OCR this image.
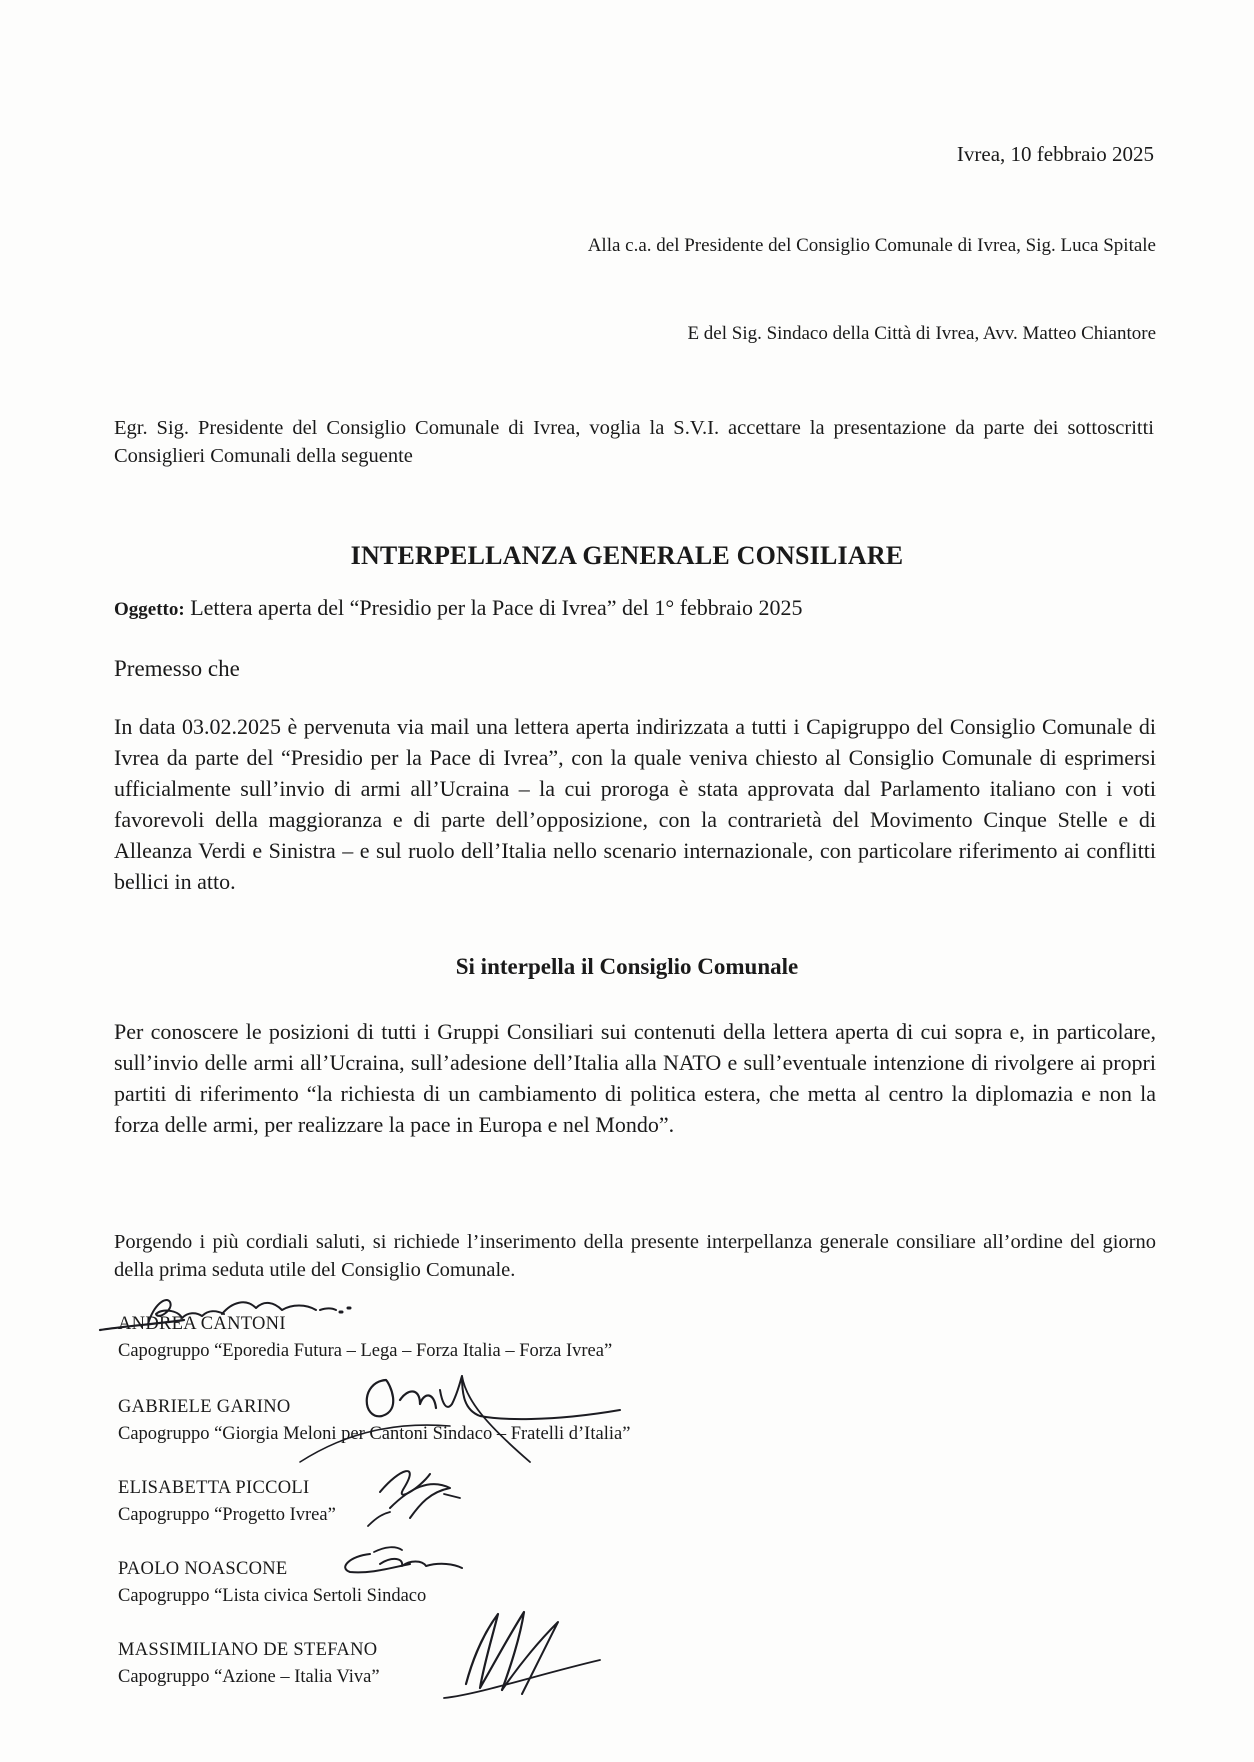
Ivrea, 10 febbraio 2025
Alla c.a. del Presidente del Consiglio Comunale di Ivrea, Sig. Luca Spitale
E del Sig. Sindaco della Città di Ivrea, Avv. Matteo Chiantore
Egr. Sig. Presidente del Consiglio Comunale di Ivrea, voglia la S.V.I. accettare la presentazione da parte dei sottoscritti Consiglieri Comunali della seguente
INTERPELLANZA GENERALE CONSILIARE
Oggetto: Lettera aperta del “Presidio per la Pace di Ivrea” del 1° febbraio 2025
Premesso che
In data 03.02.2025 è pervenuta via mail una lettera aperta indirizzata a tutti i Capigruppo del Consiglio Comunale di Ivrea da parte del “Presidio per la Pace di Ivrea”, con la quale veniva chiesto al Consiglio Comunale di esprimersi ufficialmente sull’invio di armi all’Ucraina – la cui proroga è stata approvata dal Parlamento italiano con i voti favorevoli della maggioranza e di parte dell’opposizione, con la contrarietà del Movimento Cinque Stelle e di Alleanza Verdi e Sinistra – e sul ruolo dell’Italia nello scenario internazionale, con particolare riferimento ai conflitti bellici in atto.
Si interpella il Consiglio Comunale
Per conoscere le posizioni di tutti i Gruppi Consiliari sui contenuti della lettera aperta di cui sopra e, in particolare, sull’invio delle armi all’Ucraina, sull’adesione dell’Italia alla NATO e sull’eventuale intenzione di rivolgere ai propri partiti di riferimento “la richiesta di un cambiamento di politica estera, che metta al centro la diplomazia e non la forza delle armi, per realizzare la pace in Europa e nel Mondo”.
Porgendo i più cordiali saluti, si richiede l’inserimento della presente interpellanza generale consiliare all’ordine del giorno della prima seduta utile del Consiglio Comunale.
ANDREA CANTONI
Capogruppo “Eporedia Futura – Lega – Forza Italia – Forza Ivrea”
GABRIELE GARINO
Capogruppo “Giorgia Meloni per Cantoni Sindaco – Fratelli d’Italia”
ELISABETTA PICCOLI
Capogruppo “Progetto Ivrea”
PAOLO NOASCONE
Capogruppo “Lista civica Sertoli Sindaco
MASSIMILIANO DE STEFANO
Capogruppo “Azione – Italia Viva”
